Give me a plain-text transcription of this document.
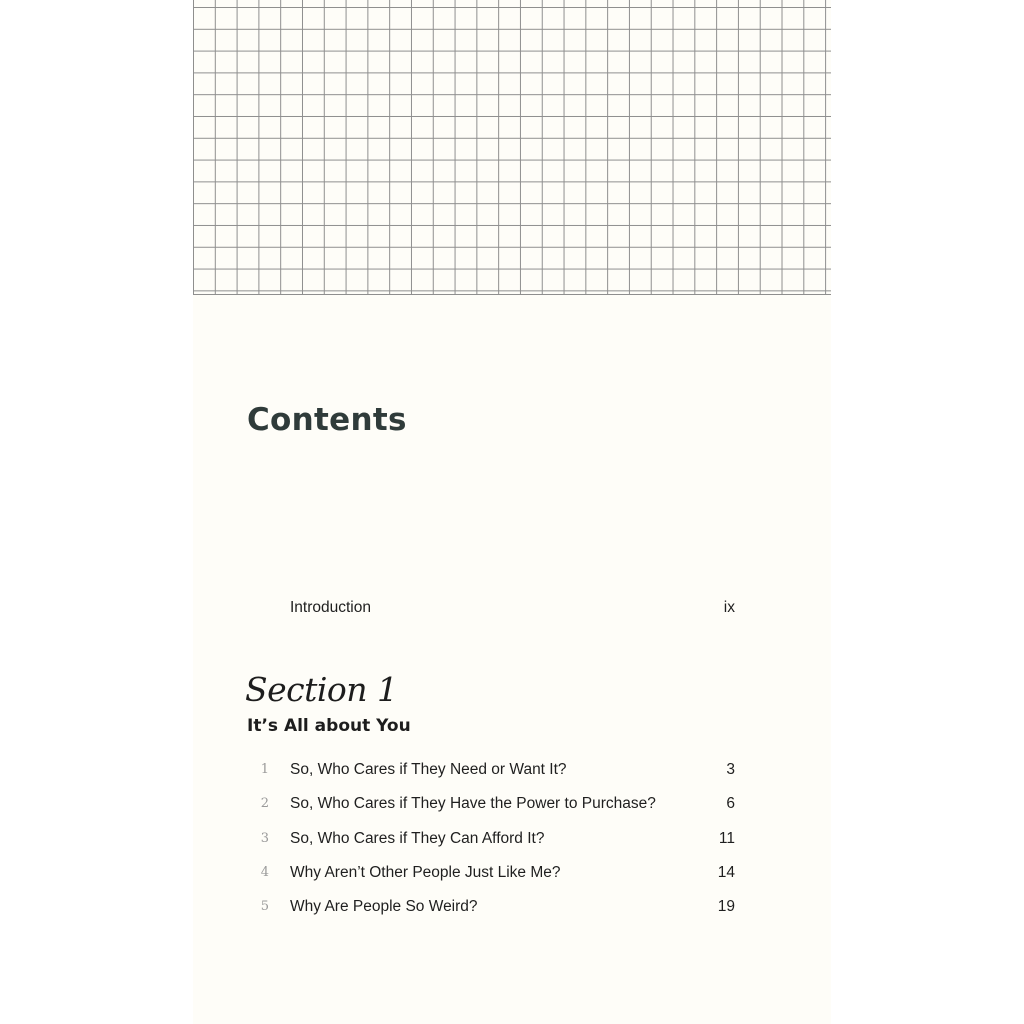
Contents
Introduction	ix
Section 1
It’s All about You
1 So, Who Cares if They Need or Want It?	3
2 So, Who Cares if They Have the Power to Purchase?	6
3 So, Who Cares if They Can Afford It?	11
4 Why Aren’t Other People Just Like Me?	14
5 Why Are People So Weird?	19
